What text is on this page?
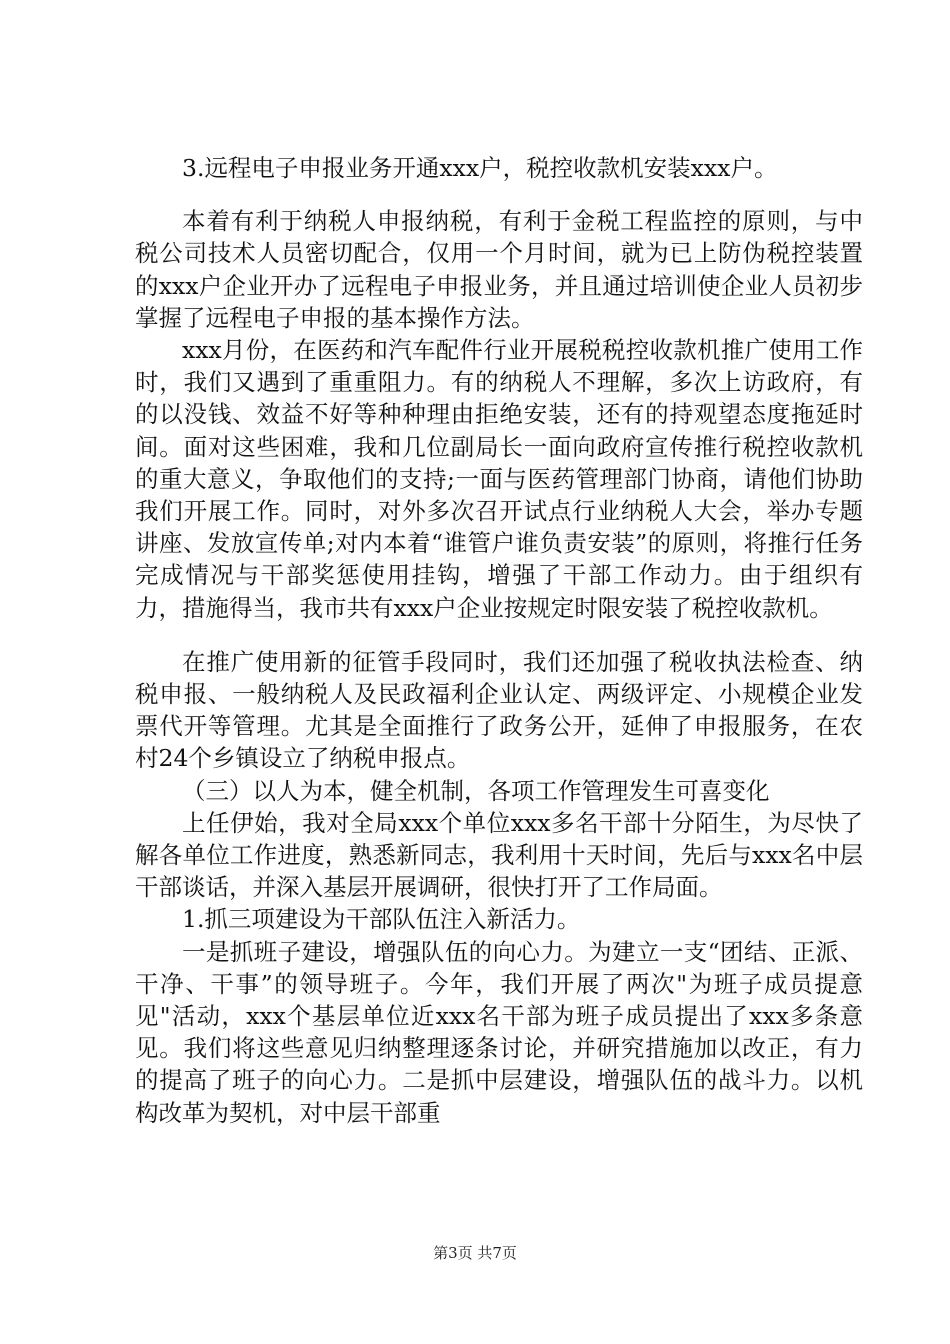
3.远程电子申报业务开通xxx户，税控收款机安装xxx户。

本着有利于纳税人申报纳税，有利于金税工程监控的原则，与中税公司技术人员密切配合，仅用一个月时间，就为已上防伪税控装置的xxx户企业开办了远程电子申报业务，并且通过培训使企业人员初步掌握了远程电子申报的基本操作方法。

xxx月份，在医药和汽车配件行业开展税税控收款机推广使用工作时，我们又遇到了重重阻力。有的纳税人不理解，多次上访政府，有的以没钱、效益不好等种种理由拒绝安装，还有的持观望态度拖延时间。面对这些困难，我和几位副局长一面向政府宣传推行税控收款机的重大意义，争取他们的支持;一面与医药管理部门协商，请他们协助我们开展工作。同时，对外多次召开试点行业纳税人大会，举办专题讲座、发放宣传单;对内本着“谁管户谁负责安装”的原则，将推行任务完成情况与干部奖惩使用挂钩，增强了干部工作动力。由于组织有力，措施得当，我市共有xxx户企业按规定时限安装了税控收款机。

在推广使用新的征管手段同时，我们还加强了税收执法检查、纳税申报、一般纳税人及民政福利企业认定、两级评定、小规模企业发票代开等管理。尤其是全面推行了政务公开，延伸了申报服务，在农村24个乡镇设立了纳税申报点。

（三）以人为本，健全机制，各项工作管理发生可喜变化

上任伊始，我对全局xxx个单位xxx多名干部十分陌生，为尽快了解各单位工作进度，熟悉新同志，我利用十天时间，先后与xxx名中层干部谈话，并深入基层开展调研，很快打开了工作局面。

1.抓三项建设为干部队伍注入新活力。

一是抓班子建设，增强队伍的向心力。为建立一支“团结、正派、干净、干事”的领导班子。今年，我们开展了两次"为班子成员提意见"活动，xxx个基层单位近xxx名干部为班子成员提出了xxx多条意见。我们将这些意见归纳整理逐条讨论，并研究措施加以改正，有力的提高了班子的向心力。二是抓中层建设，增强队伍的战斗力。以机构改革为契机，对中层干部重

第3页 共7页
